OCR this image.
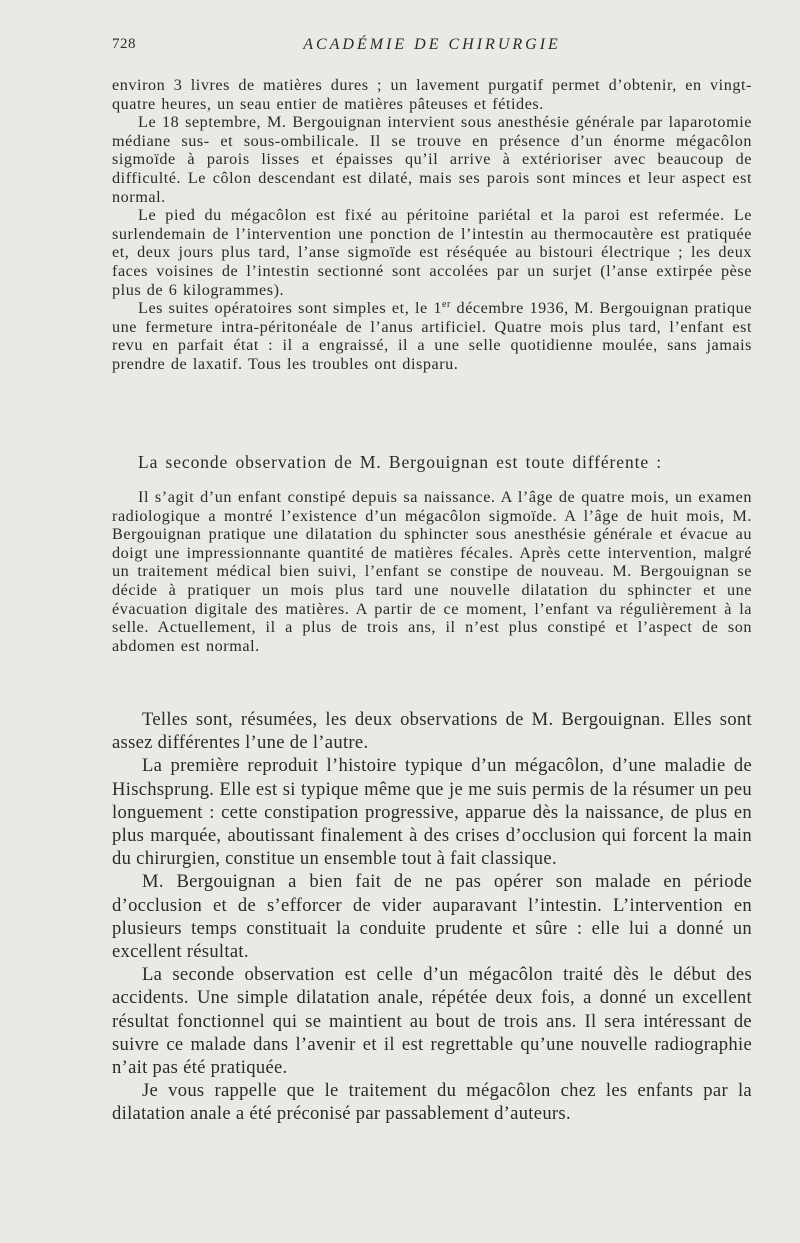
728	ACADÉMIE DE CHIRURGIE

environ 3 livres de matières dures ; un lavement purgatif permet d’obtenir, en vingt-quatre heures, un seau entier de matières pâteuses et fétides.

Le 18 septembre, M. Bergouignan intervient sous anesthésie générale par laparotomie médiane sus- et sous-ombilicale. Il se trouve en présence d’un énorme mégacôlon sigmoïde à parois lisses et épaisses qu’il arrive à extérioriser avec beaucoup de difficulté. Le côlon descendant est dilaté, mais ses parois sont minces et leur aspect est normal.

Le pied du mégacôlon est fixé au péritoine pariétal et la paroi est refermée. Le surlendemain de l’intervention une ponction de l’intestin au thermocautère est pratiquée et, deux jours plus tard, l’anse sigmoïde est réséquée au bistouri électrique ; les deux faces voisines de l’intestin sectionné sont accolées par un surjet (l’anse extirpée pèse plus de 6 kilogrammes).

Les suites opératoires sont simples et, le 1er décembre 1936, M. Bergouignan pratique une fermeture intra-péritonéale de l’anus artificiel. Quatre mois plus tard, l’enfant est revu en parfait état : il a engraissé, il a une selle quotidienne moulée, sans jamais prendre de laxatif. Tous les troubles ont disparu.

La seconde observation de M. Bergouignan est toute différente :

Il s’agit d’un enfant constipé depuis sa naissance. A l’âge de quatre mois, un examen radiologique a montré l’existence d’un mégacôlon sigmoïde. A l’âge de huit mois, M. Bergouignan pratique une dilatation du sphincter sous anesthésie générale et évacue au doigt une impressionnante quantité de matières fécales. Après cette intervention, malgré un traitement médical bien suivi, l’enfant se constipe de nouveau. M. Bergouignan se décide à pratiquer un mois plus tard une nouvelle dilatation du sphincter et une évacuation digitale des matières. A partir de ce moment, l’enfant va régulièrement à la selle. Actuellement, il a plus de trois ans, il n’est plus constipé et l’aspect de son abdomen est normal.

Telles sont, résumées, les deux observations de M. Bergouignan. Elles sont assez différentes l’une de l’autre.

La première reproduit l’histoire typique d’un mégacôlon, d’une maladie de Hischsprung. Elle est si typique même que je me suis permis de la résumer un peu longuement : cette constipation progressive, apparue dès la naissance, de plus en plus marquée, aboutissant finalement à des crises d’occlusion qui forcent la main du chirurgien, constitue un ensemble tout à fait classique.

M. Bergouignan a bien fait de ne pas opérer son malade en période d’occlusion et de s’efforcer de vider auparavant l’intestin. L’intervention en plusieurs temps constituait la conduite prudente et sûre : elle lui a donné un excellent résultat.

La seconde observation est celle d’un mégacôlon traité dès le début des accidents. Une simple dilatation anale, répétée deux fois, a donné un excellent résultat fonctionnel qui se maintient au bout de trois ans. Il sera intéressant de suivre ce malade dans l’avenir et il est regrettable qu’une nouvelle radiographie n’ait pas été pratiquée.

Je vous rappelle que le traitement du mégacôlon chez les enfants par la dilatation anale a été préconisé par passablement d’auteurs.
